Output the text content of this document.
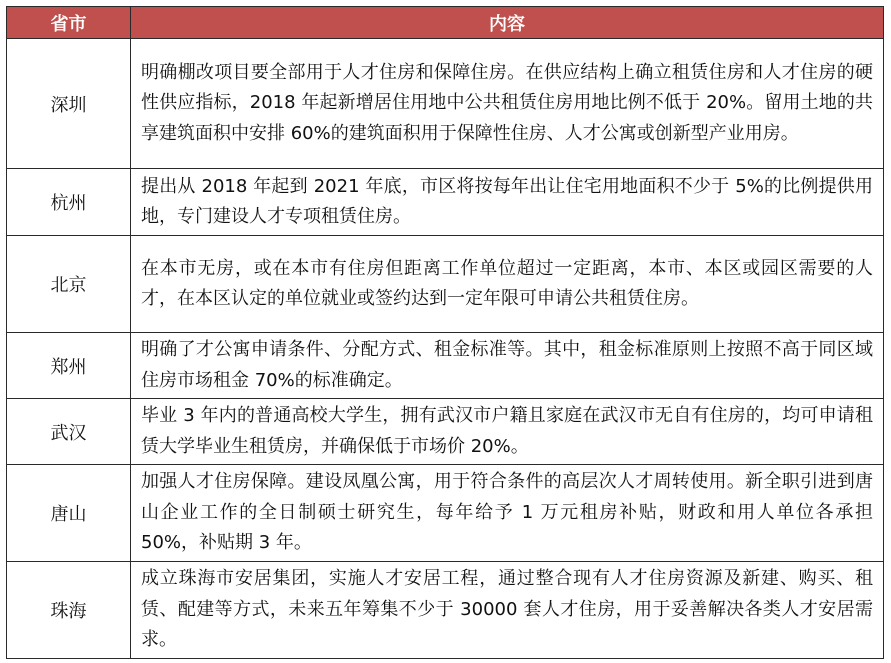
省市	内容
深圳	明确棚改项目要全部用于人才住房和保障住房。在供应结构上确立租赁住房和人才住房的硬性供应指标，2018 年起新增居住用地中公共租赁住房用地比例不低于 20%。留用土地的共享建筑面积中安排 60%的建筑面积用于保障性住房、人才公寓或创新型产业用房。
杭州	提出从 2018 年起到 2021 年底，市区将按每年出让住宅用地面积不少于 5%的比例提供用地，专门建设人才专项租赁住房。
北京	在本市无房，或在本市有住房但距离工作单位超过一定距离，本市、本区或园区需要的人才，在本区认定的单位就业或签约达到一定年限可申请公共租赁住房。
郑州	明确了才公寓申请条件、分配方式、租金标准等。其中，租金标准原则上按照不高于同区域住房市场租金 70%的标准确定。
武汉	毕业 3 年内的普通高校大学生，拥有武汉市户籍且家庭在武汉市无自有住房的，均可申请租赁大学毕业生租赁房，并确保低于市场价 20%。
唐山	加强人才住房保障。建设凤凰公寓，用于符合条件的高层次人才周转使用。新全职引进到唐山企业工作的全日制硕士研究生，每年给予 1 万元租房补贴，财政和用人单位各承担 50%，补贴期 3 年。
珠海	成立珠海市安居集团，实施人才安居工程，通过整合现有人才住房资源及新建、购买、租赁、配建等方式，未来五年筹集不少于 30000 套人才住房，用于妥善解决各类人才安居需求。
